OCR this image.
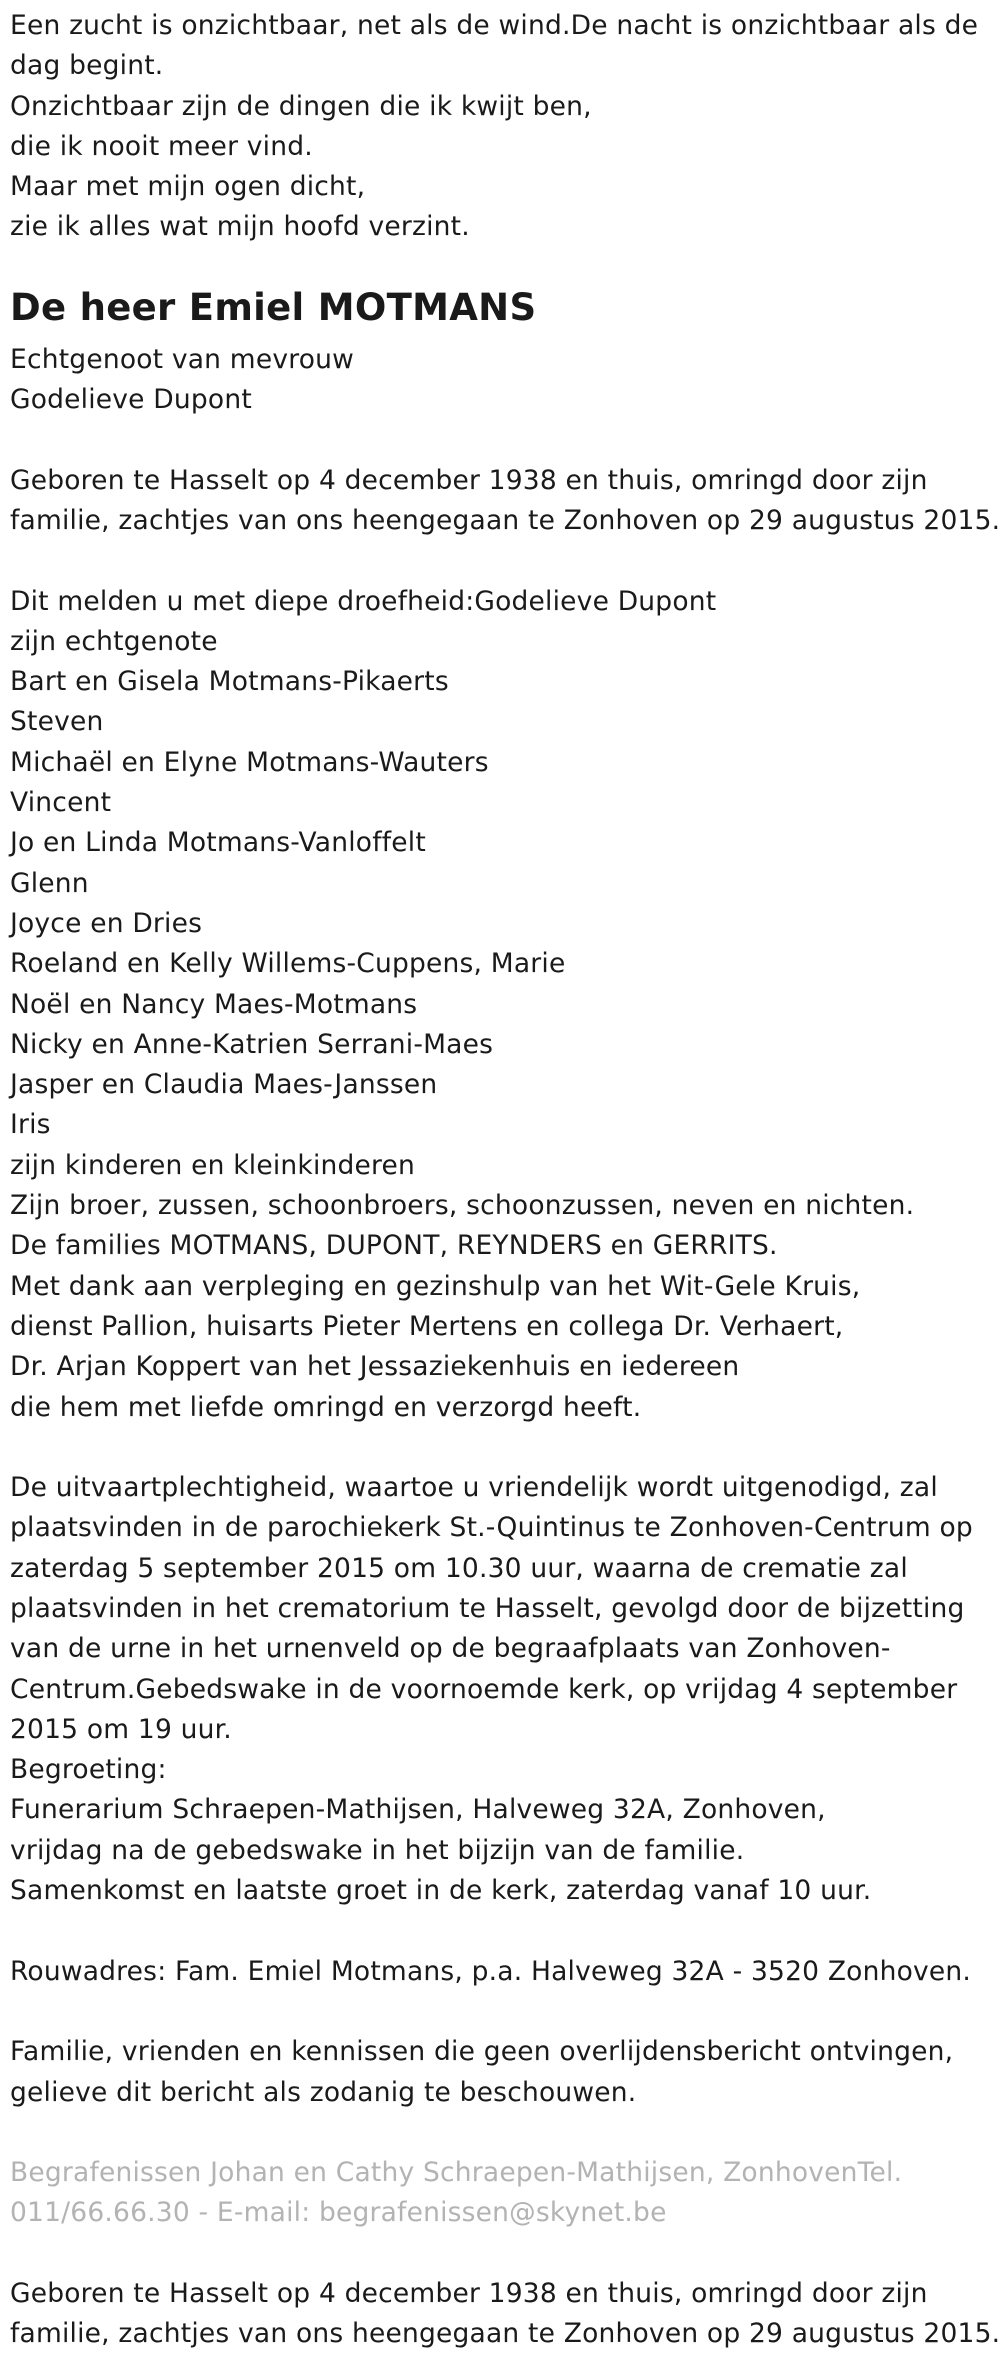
Een zucht is onzichtbaar, net als de wind.De nacht is onzichtbaar als de
dag begint.
Onzichtbaar zijn de dingen die ik kwijt ben,
die ik nooit meer vind.
Maar met mijn ogen dicht,
zie ik alles wat mijn hoofd verzint.
De heer Emiel MOTMANS
Echtgenoot van mevrouw
Godelieve Dupont
Geboren te Hasselt op 4 december 1938 en thuis, omringd door zijn
familie, zachtjes van ons heengegaan te Zonhoven op 29 augustus 2015.
Dit melden u met diepe droefheid:Godelieve Dupont
zijn echtgenote
Bart en Gisela Motmans-Pikaerts
Steven
Michaël en Elyne Motmans-Wauters
Vincent
Jo en Linda Motmans-Vanloffelt
Glenn
Joyce en Dries
Roeland en Kelly Willems-Cuppens, Marie
Noël en Nancy Maes-Motmans
Nicky en Anne-Katrien Serrani-Maes
Jasper en Claudia Maes-Janssen
Iris
zijn kinderen en kleinkinderen
Zijn broer, zussen, schoonbroers, schoonzussen, neven en nichten.
De families MOTMANS, DUPONT, REYNDERS en GERRITS.
Met dank aan verpleging en gezinshulp van het Wit-Gele Kruis,
dienst Pallion, huisarts Pieter Mertens en collega Dr. Verhaert,
Dr. Arjan Koppert van het Jessaziekenhuis en iedereen
die hem met liefde omringd en verzorgd heeft.
De uitvaartplechtigheid, waartoe u vriendelijk wordt uitgenodigd, zal
plaatsvinden in de parochiekerk St.-Quintinus te Zonhoven-Centrum op
zaterdag 5 september 2015 om 10.30 uur, waarna de crematie zal
plaatsvinden in het crematorium te Hasselt, gevolgd door de bijzetting
van de urne in het urnenveld op de begraafplaats van Zonhoven-
Centrum.Gebedswake in de voornoemde kerk, op vrijdag 4 september
2015 om 19 uur.
Begroeting:
Funerarium Schraepen-Mathijsen, Halveweg 32A, Zonhoven,
vrijdag na de gebedswake in het bijzijn van de familie.
Samenkomst en laatste groet in de kerk, zaterdag vanaf 10 uur.
Rouwadres: Fam. Emiel Motmans, p.a. Halveweg 32A - 3520 Zonhoven.
Familie, vrienden en kennissen die geen overlijdensbericht ontvingen,
gelieve dit bericht als zodanig te beschouwen.
Begrafenissen Johan en Cathy Schraepen-Mathijsen, ZonhovenTel.
011/66.66.30 - E-mail: begrafenissen@skynet.be
Geboren te Hasselt op 4 december 1938 en thuis, omringd door zijn
familie, zachtjes van ons heengegaan te Zonhoven op 29 augustus 2015.
